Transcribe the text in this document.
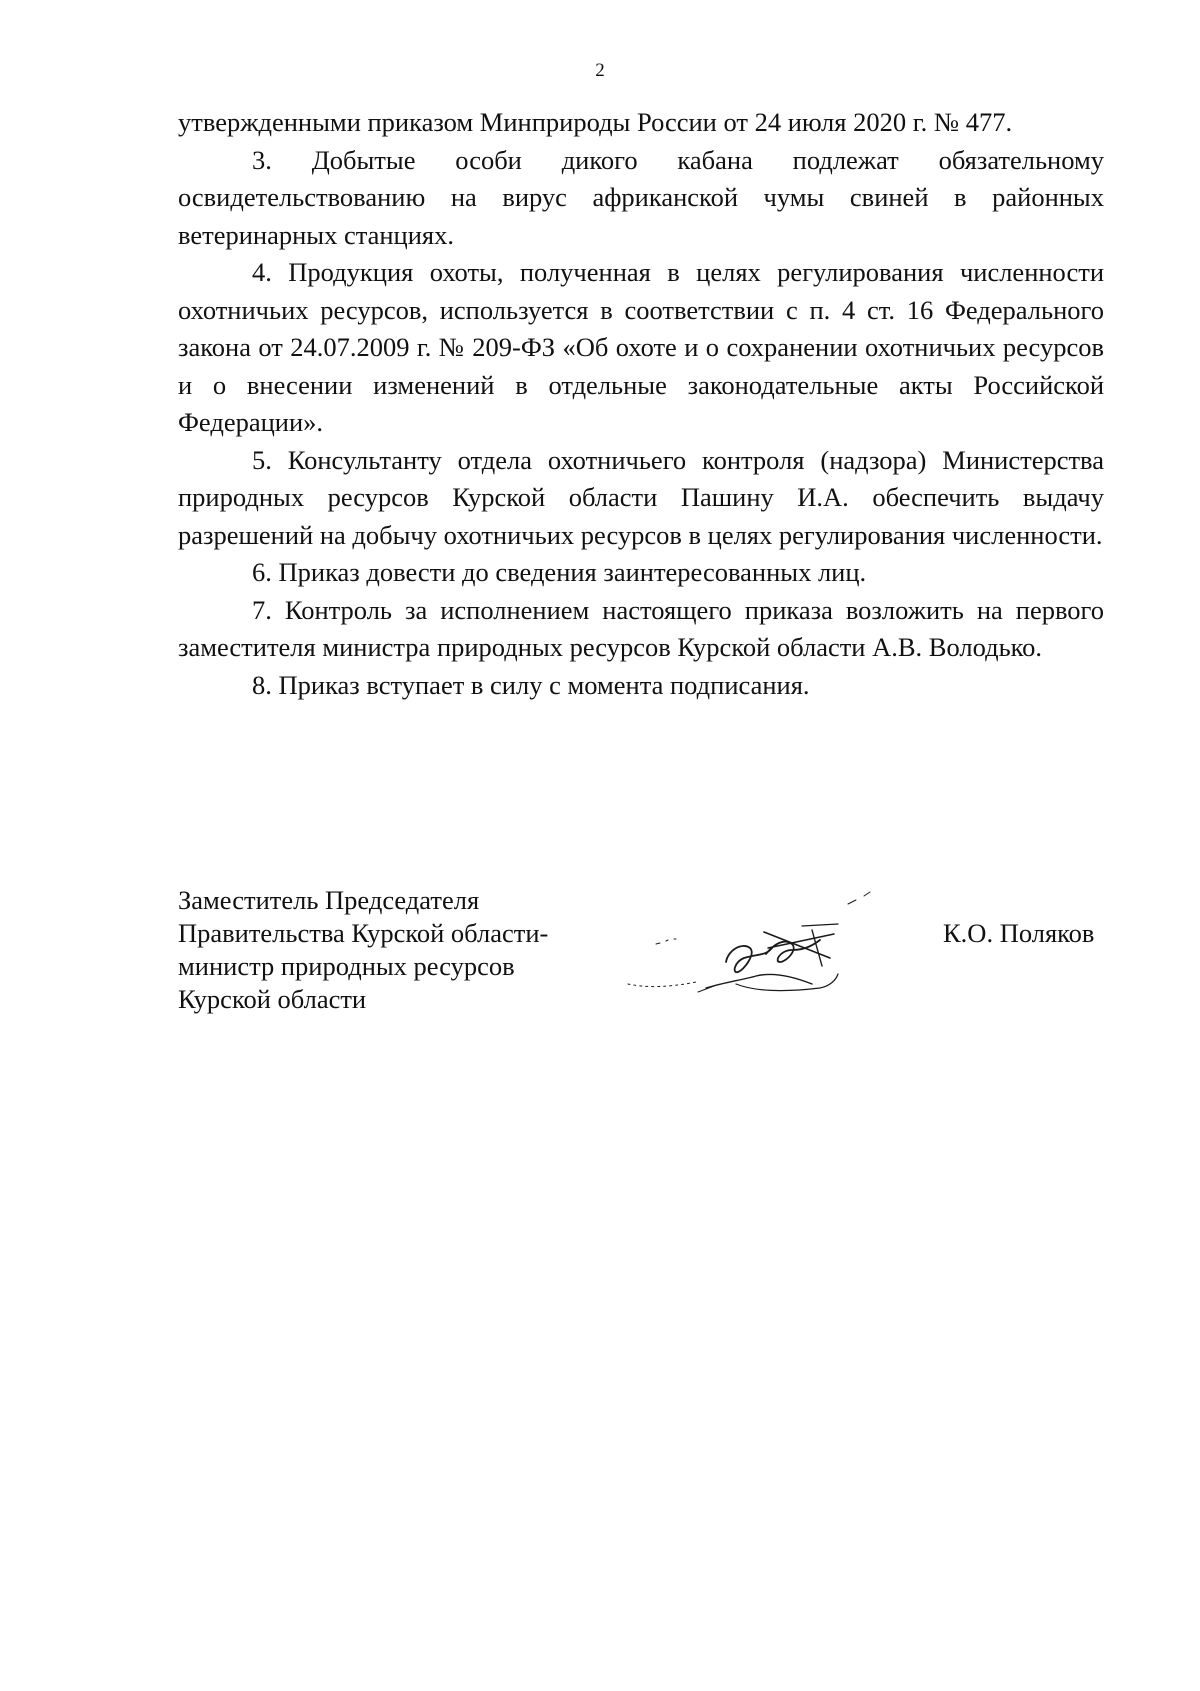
2

утвержденными приказом Минприроды России от 24 июля 2020 г. № 477.

3. Добытые особи дикого кабана подлежат обязательному освидетельствованию на вирус африканской чумы свиней в районных ветеринарных станциях.

4. Продукция охоты, полученная в целях регулирования численности охотничьих ресурсов, используется в соответствии с п. 4 ст. 16 Федерального закона от 24.07.2009 г. № 209-ФЗ «Об охоте и о сохранении охотничьих ресурсов и о внесении изменений в отдельные законодательные акты Российской Федерации».

5. Консультанту отдела охотничьего контроля (надзора) Министерства природных ресурсов Курской области Пашину И.А. обеспечить выдачу разрешений на добычу охотничьих ресурсов в целях регулирования численности.

6. Приказ довести до сведения заинтересованных лиц.

7. Контроль за исполнением настоящего приказа возложить на первого заместителя министра природных ресурсов Курской области А.В. Володько.

8. Приказ вступает в силу с момента подписания.

Заместитель Председателя
Правительства Курской области-
министр природных ресурсов
Курской области
К.О. Поляков
